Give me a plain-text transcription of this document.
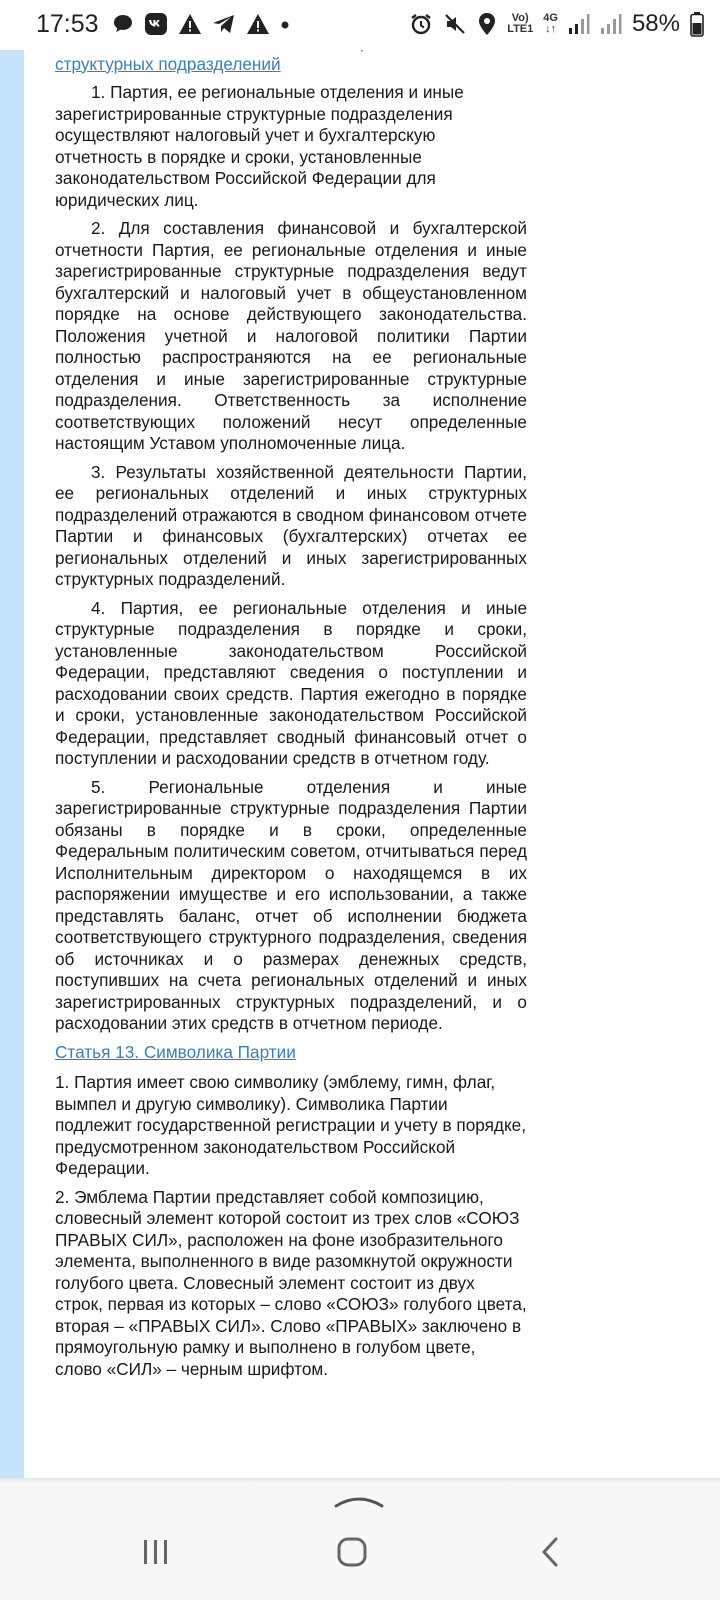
17:53	Vo)
LTE1
4G
↓↑	58%
структурных подразделений

1. Партия, ее региональные отделения и иные зарегистрированные структурные подразделения осуществляют налоговый учет и бухгалтерскую отчетность в порядке и сроки, установленные законодательством Российской Федерации для юридических лиц.

2. Для составления финансовой и бухгалтерской отчетности Партия, ее региональные отделения и иные зарегистрированные структурные подразделения ведут бухгалтерский и налоговый учет в общеустановленном порядке на основе действующего законодательства. Положения учетной и налоговой политики Партии полностью распространяются на ее региональные отделения и иные зарегистрированные структурные подразделения. Ответственность за исполнение соответствующих положений несут определенные настоящим Уставом уполномоченные лица.

3. Результаты хозяйственной деятельности Партии, ее региональных отделений и иных структурных подразделений отражаются в сводном финансовом отчете Партии и финансовых (бухгалтерских) отчетах ее региональных отделений и иных зарегистрированных структурных подразделений.

4. Партия, ее региональные отделения и иные структурные подразделения в порядке и сроки, установленные законодательством Российской Федерации, представляют сведения о поступлении и расходовании своих средств. Партия ежегодно в порядке и сроки, установленные законодательством Российской Федерации, представляет сводный финансовый отчет о поступлении и расходовании средств в отчетном году.

5. Региональные отделения и иные зарегистрированные структурные подразделения Партии обязаны в порядке и в сроки, определенные Федеральным политическим советом, отчитываться перед Исполнительным директором о находящемся в их распоряжении имуществе и его использовании, а также представлять баланс, отчет об исполнении бюджета соответствующего структурного подразделения, сведения об источниках и о размерах денежных средств, поступивших на счета региональных отделений и иных зарегистрированных структурных подразделений, и о расходовании этих средств в отчетном периоде.

Статья 13. Символика Партии

1. Партия имеет свою символику (эмблему, гимн, флаг, вымпел и другую символику). Символика Партии подлежит государственной регистрации и учету в порядке, предусмотренном законодательством Российской Федерации.

2. Эмблема Партии представляет собой композицию, словесный элемент которой состоит из трех слов «СОЮЗ ПРАВЫХ СИЛ», расположен на фоне изобразительного элемента, выполненного в виде разомкнутой окружности голубого цвета. Словесный элемент состоит из двух строк, первая из которых – слово «СОЮЗ» голубого цвета, вторая – «ПРАВЫХ СИЛ». Слово «ПРАВЫХ» заключено в прямоугольную рамку и выполнено в голубом цвете, слово «СИЛ» – черным шрифтом.
